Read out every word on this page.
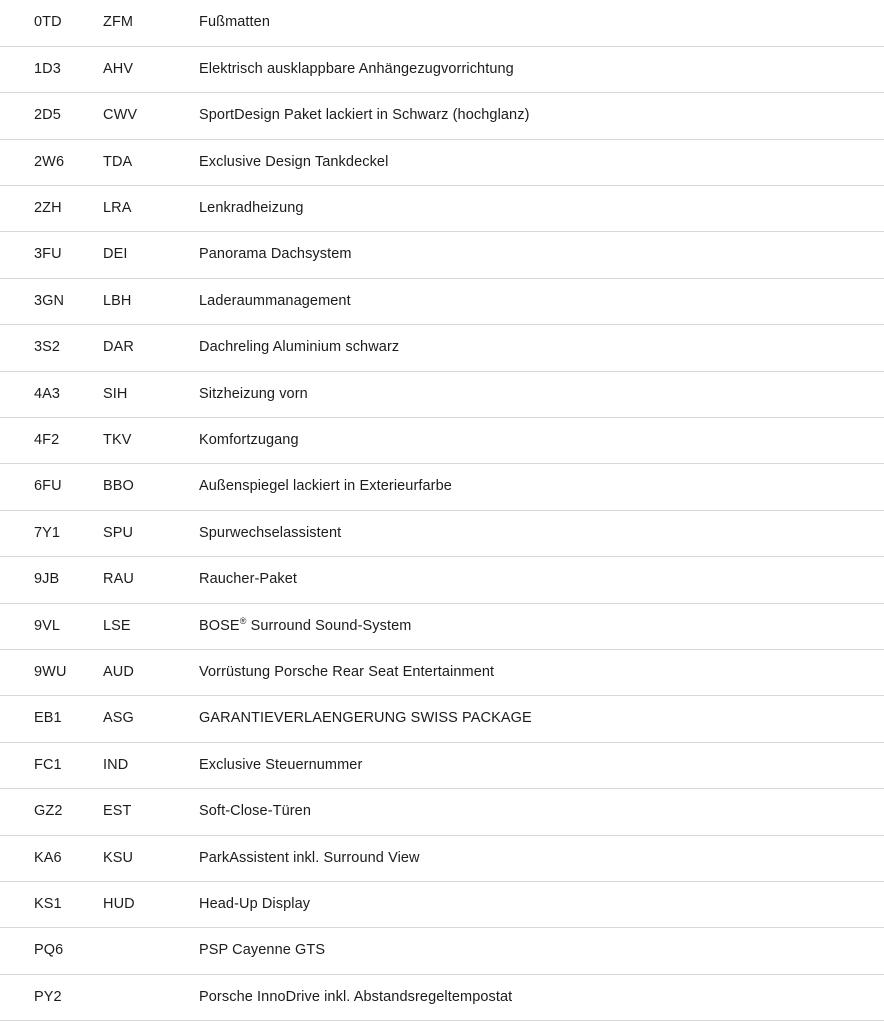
0TD	ZFM	Fußmatten
1D3	AHV	Elektrisch ausklappbare Anhängezugvorrichtung
2D5	CWV	SportDesign Paket lackiert in Schwarz (hochglanz)
2W6	TDA	Exclusive Design Tankdeckel
2ZH	LRA	Lenkradheizung
3FU	DEI	Panorama Dachsystem
3GN	LBH	Laderaummanagement
3S2	DAR	Dachreling Aluminium schwarz
4A3	SIH	Sitzheizung vorn
4F2	TKV	Komfortzugang
6FU	BBO	Außenspiegel lackiert in Exterieurfarbe
7Y1	SPU	Spurwechselassistent
9JB	RAU	Raucher-Paket
9VL	LSE	BOSE® Surround Sound-System
9WU	AUD	Vorrüstung Porsche Rear Seat Entertainment
EB1	ASG	GARANTIEVERLAENGERUNG SWISS PACKAGE
FC1	IND	Exclusive Steuernummer
GZ2	EST	Soft-Close-Türen
KA6	KSU	ParkAssistent inkl. Surround View
KS1	HUD	Head-Up Display
PQ6		PSP Cayenne GTS
PY2		Porsche InnoDrive inkl. Abstandsregeltempostat
